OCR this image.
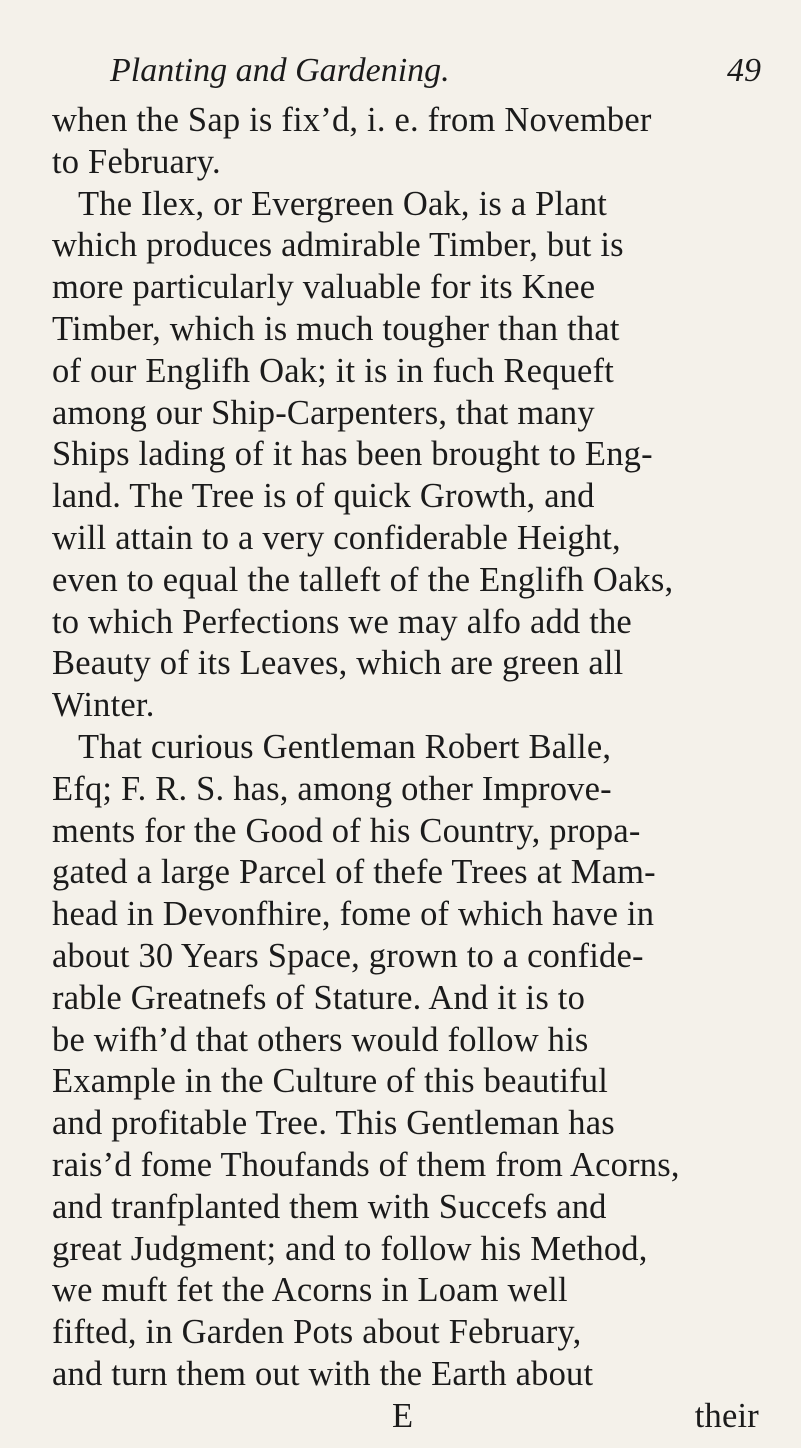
Planting and Gardening.	49
when the Sap is fix’d, i. e. from November
to February.
The Ilex, or Evergreen Oak, is a Plant
which produces admirable Timber, but is
more particularly valuable for its Knee
Timber, which is much tougher than that
of our Englifh Oak; it is in fuch Requeft
among our Ship-Carpenters, that many
Ships lading of it has been brought to Eng-
land. The Tree is of quick Growth, and
will attain to a very confiderable Height,
even to equal the talleft of the Englifh Oaks,
to which Perfections we may alfo add the
Beauty of its Leaves, which are green all
Winter.
That curious Gentleman Robert Balle,
Efq; F. R. S. has, among other Improve-
ments for the Good of his Country, propa-
gated a large Parcel of thefe Trees at Mam-
head in Devonfhire, fome of which have in
about 30 Years Space, grown to a confide-
rable Greatnefs of Stature. And it is to
be wifh’d that others would follow his
Example in the Culture of this beautiful
and profitable Tree. This Gentleman has
rais’d fome Thoufands of them from Acorns,
and tranfplanted them with Succefs and
great Judgment; and to follow his Method,
we muft fet the Acorns in Loam well
fifted, in Garden Pots about February,
and turn them out with the Earth about
E	their
